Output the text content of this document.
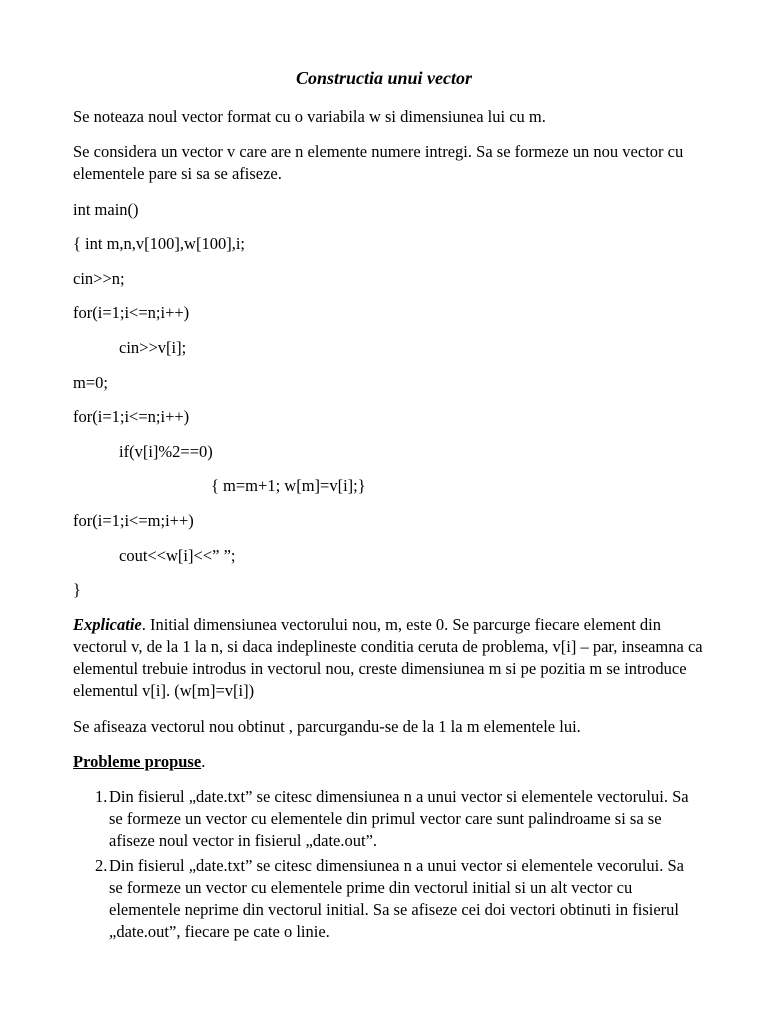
Constructia unui vector
Se noteaza noul vector format cu o variabila w si dimensiunea lui cu m.
Se considera un vector v care are n elemente numere intregi. Sa se formeze un nou vector cu elementele pare si sa se afiseze.
int main()
{ int m,n,v[100],w[100],i;
cin>>n;
for(i=1;i<=n;i++)
cin>>v[i];
m=0;
for(i=1;i<=n;i++)
if(v[i]%2==0)
{ m=m+1; w[m]=v[i];}
for(i=1;i<=m;i++)
cout<<w[i]<<” ”;
}
Explicatie. Initial dimensiunea vectorului nou, m, este 0. Se parcurge fiecare element din vectorul v, de la 1 la n, si daca indeplineste conditia ceruta de problema, v[i] – par, inseamna ca elementul trebuie introdus in vectorul nou, creste dimensiunea m si pe pozitia m se introduce elementul v[i]. (w[m]=v[i])
Se afiseaza vectorul nou obtinut , parcurgandu-se de la 1 la m elementele lui.
Probleme propuse.
1. Din fisierul „date.txt” se citesc dimensiunea n a unui vector si elementele vectorului. Sa se formeze un vector cu elementele din primul vector care sunt palindroame si sa se afiseze noul vector in fisierul „date.out”.
2. Din fisierul „date.txt” se citesc dimensiunea n a unui vector si elementele vecorului. Sa se formeze un vector cu elementele prime din vectorul initial si un alt vector cu elementele neprime din vectorul initial. Sa se afiseze cei doi vectori obtinuti in fisierul „date.out”, fiecare pe cate o linie.
